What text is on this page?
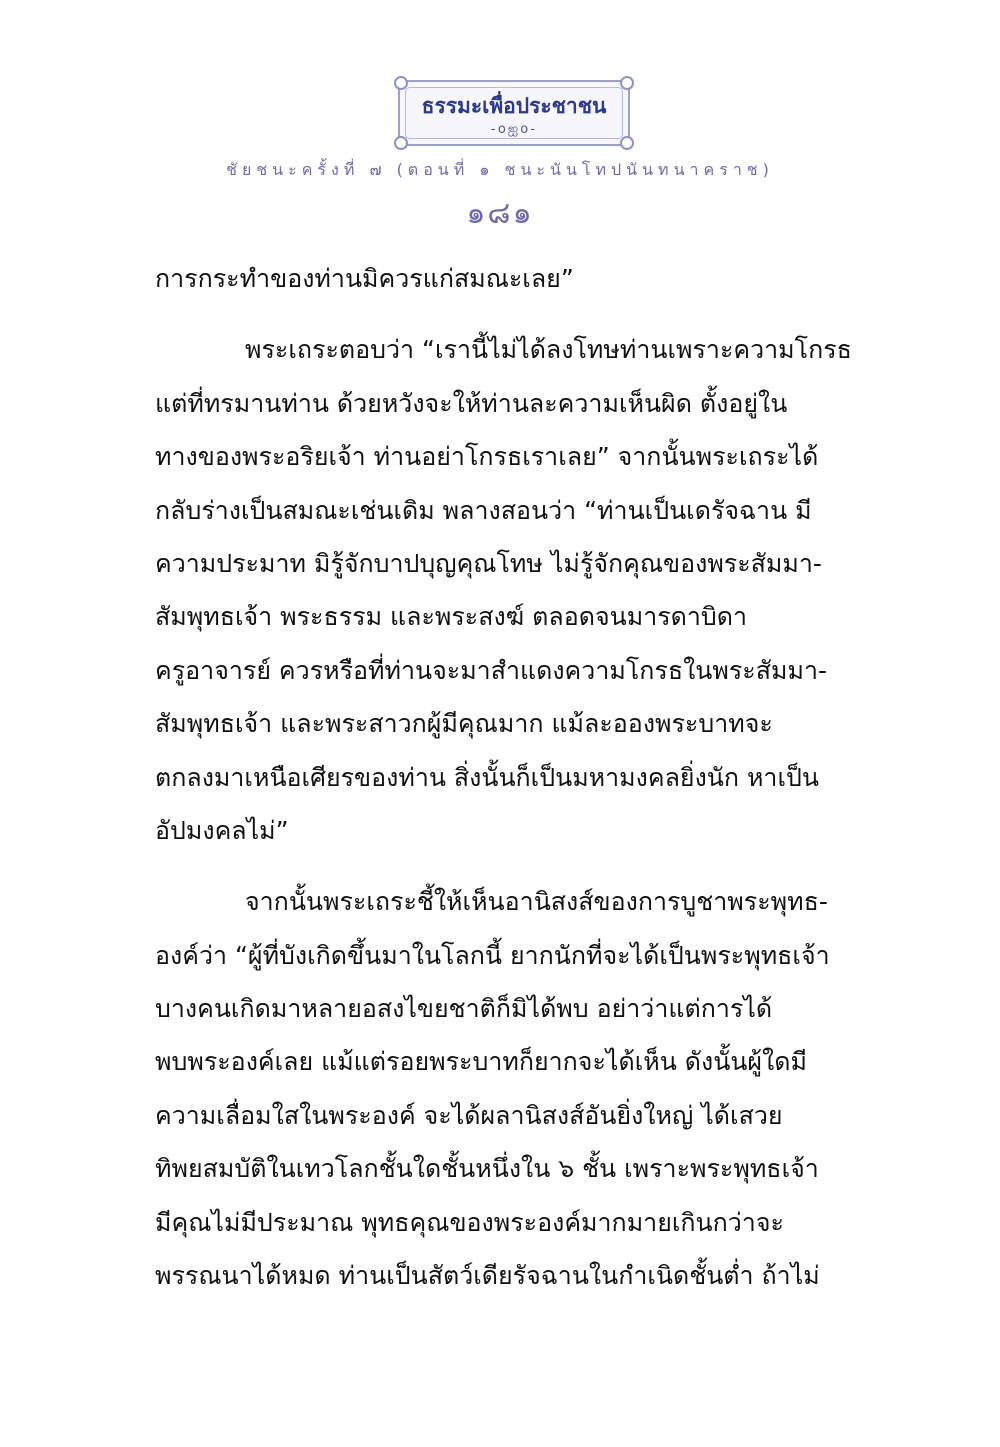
ธรรมะเพื่อประชาชน
-oஐo-
ชัยชนะครั้งที่ ๗ (ตอนที่ ๑ ชนะนันโทปนันทนาคราช)
๑๘๑
การกระทำของท่านมิควรแก่สมณะเลย”
พระเถระตอบว่า “เรานี้ไม่ได้ลงโทษท่านเพราะความโกรธ
แต่ที่ทรมานท่าน ด้วยหวังจะให้ท่านละความเห็นผิด ตั้งอยู่ใน
ทางของพระอริยเจ้า ท่านอย่าโกรธเราเลย” จากนั้นพระเถระได้
กลับร่างเป็นสมณะเช่นเดิม พลางสอนว่า “ท่านเป็นเดรัจฉาน มี
ความประมาท มิรู้จักบาปบุญคุณโทษ ไม่รู้จักคุณของพระสัมมา-
สัมพุทธเจ้า พระธรรม และพระสงฆ์ ตลอดจนมารดาบิดา
ครูอาจารย์ ควรหรือที่ท่านจะมาสำแดงความโกรธในพระสัมมา-
สัมพุทธเจ้า และพระสาวกผู้มีคุณมาก แม้ละอองพระบาทจะ
ตกลงมาเหนือเศียรของท่าน สิ่งนั้นก็เป็นมหามงคลยิ่งนัก หาเป็น
อัปมงคลไม่”
จากนั้นพระเถระชี้ให้เห็นอานิสงส์ของการบูชาพระพุทธ-
องค์ว่า “ผู้ที่บังเกิดขึ้นมาในโลกนี้ ยากนักที่จะได้เป็นพระพุทธเจ้า
บางคนเกิดมาหลายอสงไขยชาติก็มิได้พบ อย่าว่าแต่การได้
พบพระองค์เลย แม้แต่รอยพระบาทก็ยากจะได้เห็น ดังนั้นผู้ใดมี
ความเลื่อมใสในพระองค์ จะได้ผลานิสงส์อันยิ่งใหญ่ ได้เสวย
ทิพยสมบัติในเทวโลกชั้นใดชั้นหนึ่งใน ๖ ชั้น เพราะพระพุทธเจ้า
มีคุณไม่มีประมาณ พุทธคุณของพระองค์มากมายเกินกว่าจะ
พรรณนาได้หมด ท่านเป็นสัตว์เดียรัจฉานในกำเนิดชั้นต่ำ ถ้าไม่
